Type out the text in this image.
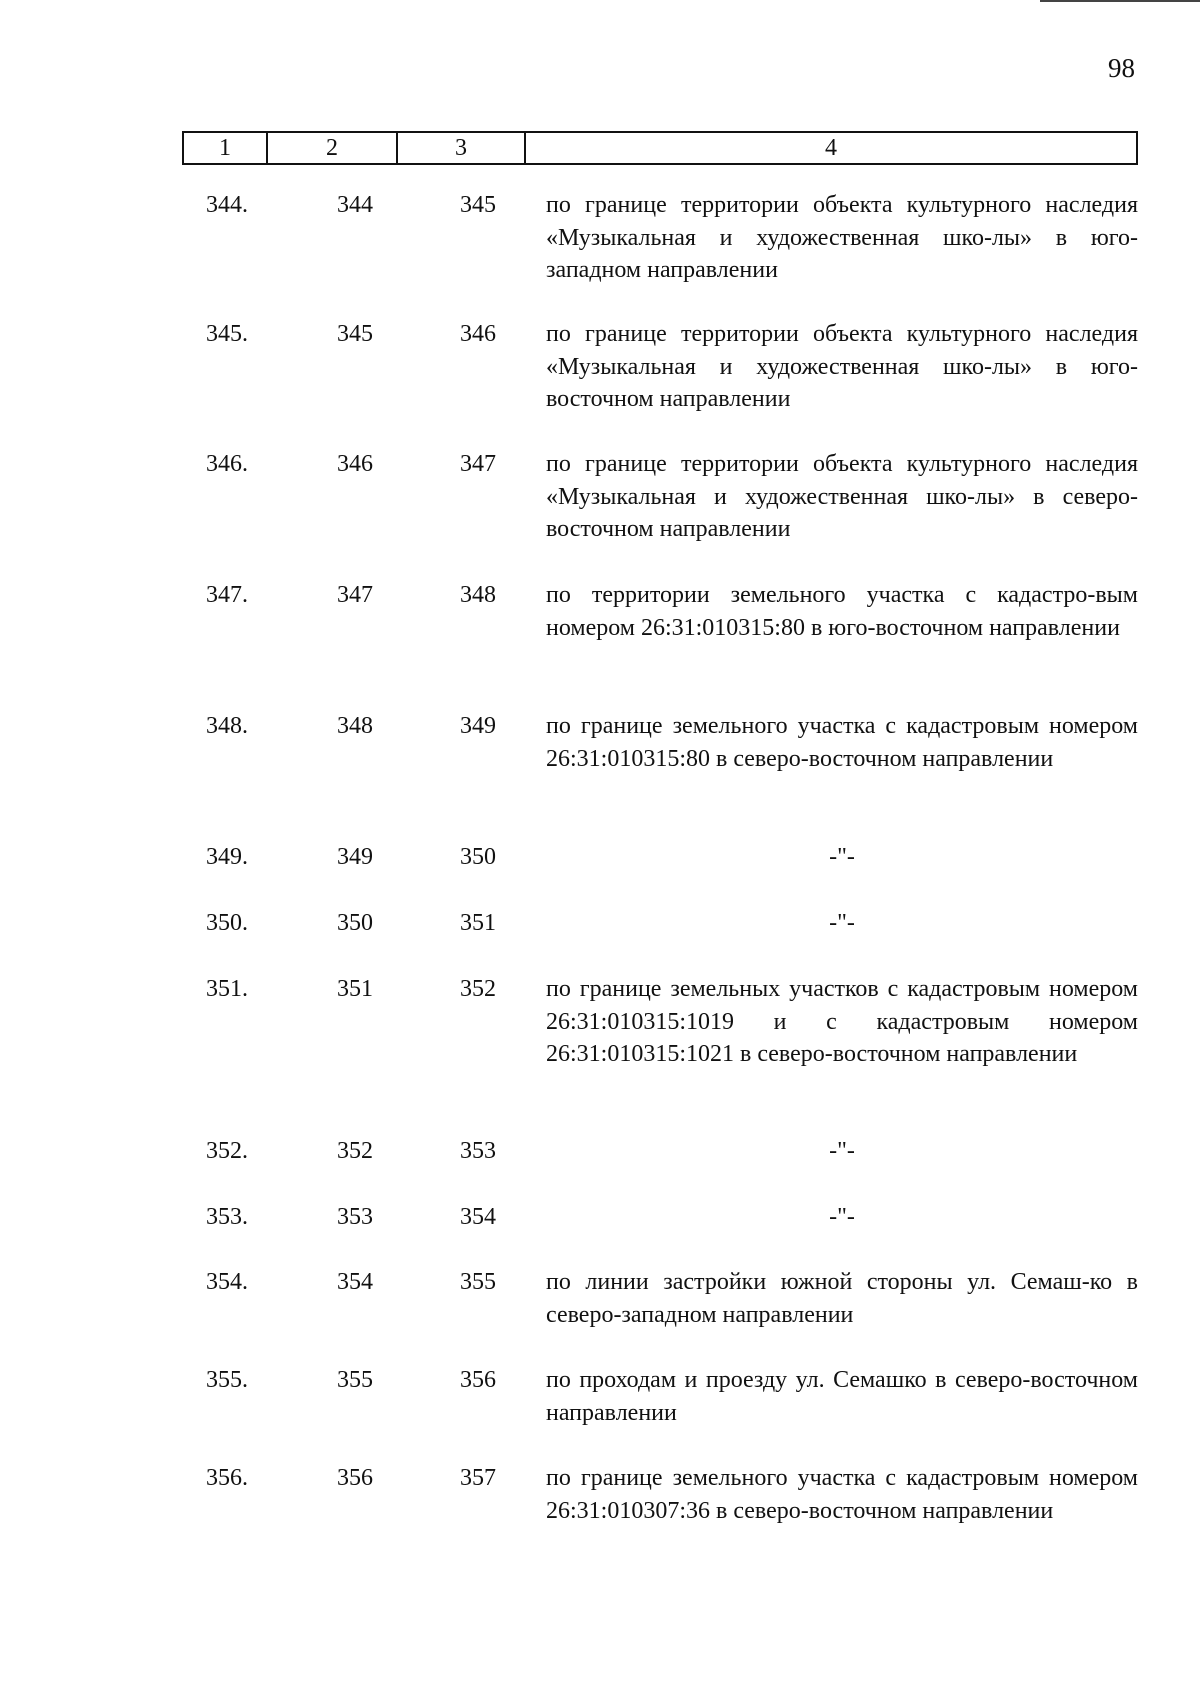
98
1	2	3	4
344.	344	345 по границе территории объекта культурного наследия «Музыкальная и художественная шко-лы» в юго-западном направлении
345.	345	346 по границе территории объекта культурного наследия «Музыкальная и художественная шко-лы» в юго-восточном направлении
346.	346	347 по границе территории объекта культурного наследия «Музыкальная и художественная шко-лы» в северо-восточном направлении
347.	347	348 по территории земельного участка с кадастро-вым номером 26:31:010315:80 в юго-восточном направлении
348.	348	349 по границе земельного участка с кадастровым номером 26:31:010315:80 в северо-восточном направлении
349.	349	350	-"-
350.	350	351	-"-
351.	351	352 по границе земельных участков с кадастровым номером 26:31:010315:1019 и с кадастровым номером 26:31:010315:1021 в северо-восточном направлении
352.	352	353	-"-
353.	353	354	-"-
354.	354	355 по линии застройки южной стороны ул. Семаш-ко в северо-западном направлении
355.	355	356 по проходам и проезду ул. Семашко в северо-восточном направлении
356.	356	357 по границе земельного участка с кадастровым номером 26:31:010307:36 в северо-восточном направлении
